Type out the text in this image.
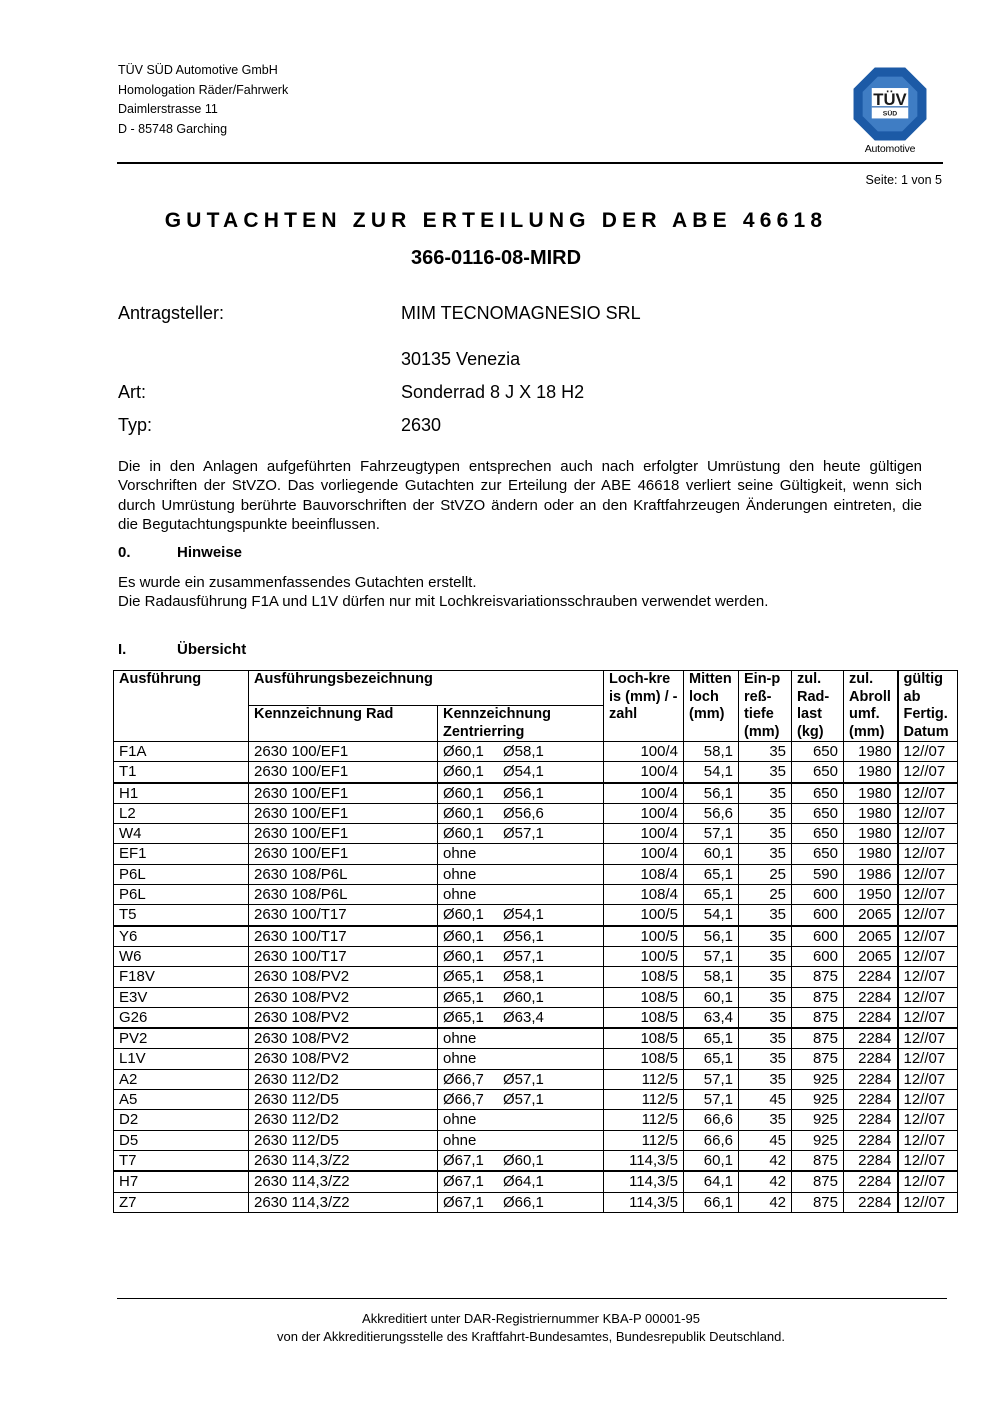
TÜV SÜD Automotive GmbH
Homologation Räder/Fahrwerk
Daimlerstrasse 11
D - 85748 Garching
TÜV
SÜD
Automotive
Seite: 1 von 5
GUTACHTEN ZUR ERTEILUNG DER ABE 46618
366-0116-08-MIRD
Antragsteller:	MIM TECNOMAGNESIO SRL
30135 Venezia
Art:	Sonderrad 8 J X 18 H2
Typ:	2630
Die in den Anlagen aufgeführten Fahrzeugtypen entsprechen auch nach erfolgter Umrüstung den heute gültigen Vorschriften der StVZO. Das vorliegende Gutachten zur Erteilung der ABE 46618 verliert seine Gültigkeit, wenn sich durch Umrüstung berührte Bauvorschriften der StVZO ändern oder an den Kraftfahrzeugen Änderungen eintreten, die die Begutachtungspunkte beeinflussen.
0.	Hinweise
Es wurde ein zusammenfassendes Gutachten erstellt.
Die Radausführung F1A und L1V dürfen nur mit Lochkreisvariationsschrauben verwendet werden.
I.	Übersicht
Ausführung	Ausführungsbezeichnung		Loch-kre is (mm) / -zahl	Mitten loch (mm)	Ein-p reß- tiefe (mm)	zul. Rad- last (kg)	zul. Abroll umf. (mm)	gültig ab Fertig. Datum
	Kennzeichnung Rad	Kennzeichnung Zentrierring						
F1A	2630 100/EF1	Ø60,1 Ø58,1	100/4	58,1	35	650	1980	12//07
T1	2630 100/EF1	Ø60,1 Ø54,1	100/4	54,1	35	650	1980	12//07
H1	2630 100/EF1	Ø60,1 Ø56,1	100/4	56,1	35	650	1980	12//07
L2	2630 100/EF1	Ø60,1 Ø56,6	100/4	56,6	35	650	1980	12//07
W4	2630 100/EF1	Ø60,1 Ø57,1	100/4	57,1	35	650	1980	12//07
EF1	2630 100/EF1	ohne	100/4	60,1	35	650	1980	12//07
P6L	2630 108/P6L	ohne	108/4	65,1	25	590	1986	12//07
P6L	2630 108/P6L	ohne	108/4	65,1	25	600	1950	12//07
T5	2630 100/T17	Ø60,1 Ø54,1	100/5	54,1	35	600	2065	12//07
Y6	2630 100/T17	Ø60,1 Ø56,1	100/5	56,1	35	600	2065	12//07
W6	2630 100/T17	Ø60,1 Ø57,1	100/5	57,1	35	600	2065	12//07
F18V	2630 108/PV2	Ø65,1 Ø58,1	108/5	58,1	35	875	2284	12//07
E3V	2630 108/PV2	Ø65,1 Ø60,1	108/5	60,1	35	875	2284	12//07
G26	2630 108/PV2	Ø65,1 Ø63,4	108/5	63,4	35	875	2284	12//07
PV2	2630 108/PV2	ohne	108/5	65,1	35	875	2284	12//07
L1V	2630 108/PV2	ohne	108/5	65,1	35	875	2284	12//07
A2	2630 112/D2	Ø66,7 Ø57,1	112/5	57,1	35	925	2284	12//07
A5	2630 112/D5	Ø66,7 Ø57,1	112/5	57,1	45	925	2284	12//07
D2	2630 112/D2	ohne	112/5	66,6	35	925	2284	12//07
D5	2630 112/D5	ohne	112/5	66,6	45	925	2284	12//07
T7	2630 114,3/Z2	Ø67,1 Ø60,1	114,3/5	60,1	42	875	2284	12//07
H7	2630 114,3/Z2	Ø67,1 Ø64,1	114,3/5	64,1	42	875	2284	12//07
Z7	2630 114,3/Z2	Ø67,1 Ø66,1	114,3/5	66,1	42	875	2284	12//07
Akkreditiert unter DAR-Registriernummer KBA-P 00001-95
von der Akkreditierungsstelle des Kraftfahrt-Bundesamtes, Bundesrepublik Deutschland.
